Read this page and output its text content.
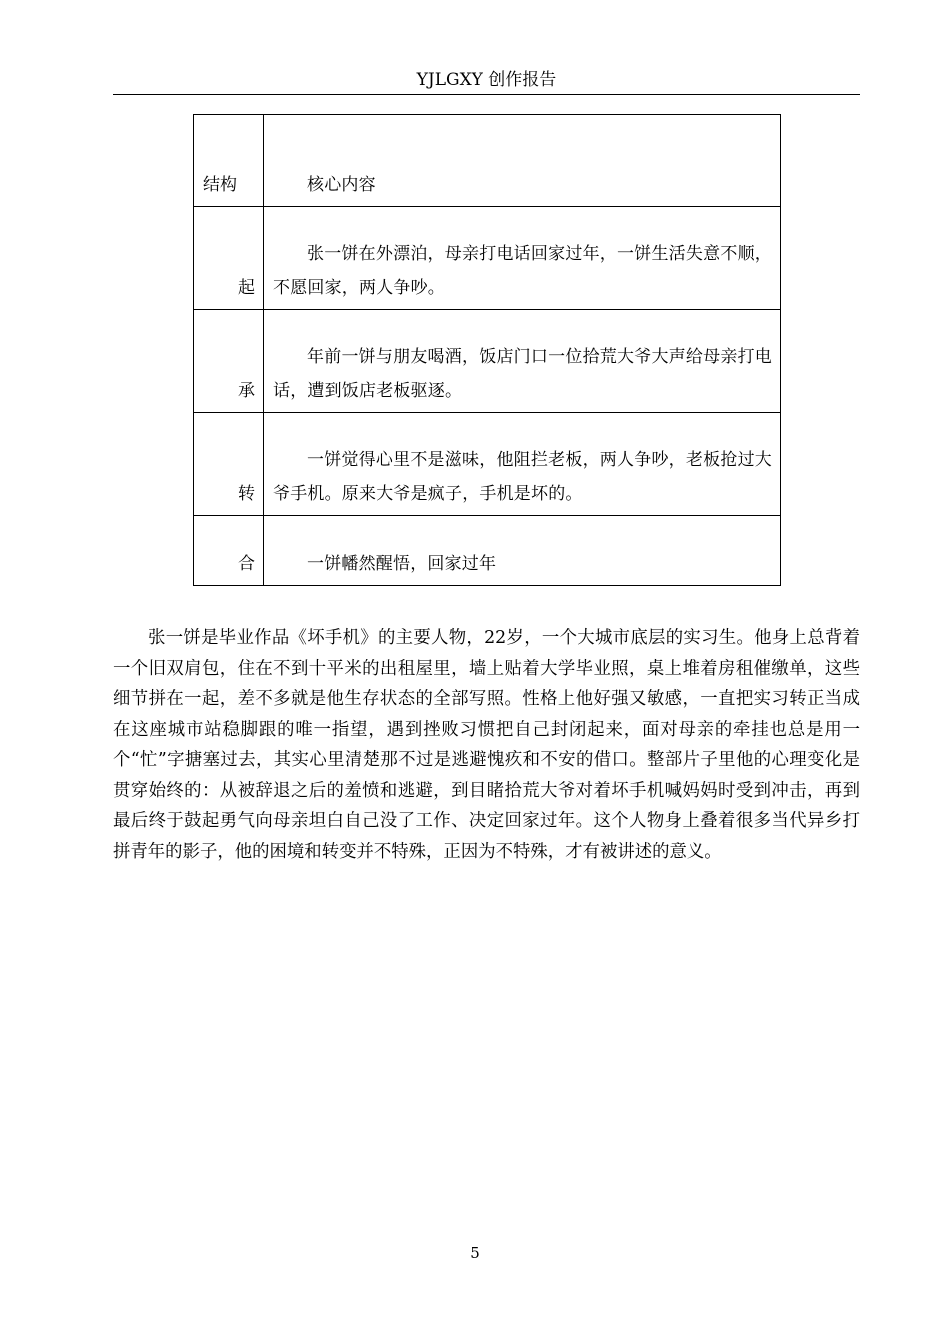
YJLGXY 创作报告
结构	核心内容

起	张一饼在外漂泊，母亲打电话回家过年，一饼生活失意不顺，不愿回家，两人争吵。

承	年前一饼与朋友喝酒，饭店门口一位拾荒大爷大声给母亲打电话，遭到饭店老板驱逐。

转	一饼觉得心里不是滋味，他阻拦老板，两人争吵，老板抢过大爷手机。原来大爷是疯子，手机是坏的。

合	一饼幡然醒悟，回家过年

张一饼是毕业作品《坏手机》的主要人物，22岁，一个大城市底层的实习生。他身上总背着一个旧双肩包，住在不到十平米的出租屋里，墙上贴着大学毕业照，桌上堆着房租催缴单，这些细节拼在一起，差不多就是他生存状态的全部写照。性格上他好强又敏感，一直把实习转正当成在这座城市站稳脚跟的唯一指望，遇到挫败习惯把自己封闭起来，面对母亲的牵挂也总是用一个“忙”字搪塞过去，其实心里清楚那不过是逃避愧疚和不安的借口。整部片子里他的心理变化是贯穿始终的：从被辞退之后的羞愤和逃避，到目睹拾荒大爷对着坏手机喊妈妈时受到冲击，再到最后终于鼓起勇气向母亲坦白自己没了工作、决定回家过年。这个人物身上叠着很多当代异乡打拼青年的影子，他的困境和转变并不特殊，正因为不特殊，才有被讲述的意义。

5
